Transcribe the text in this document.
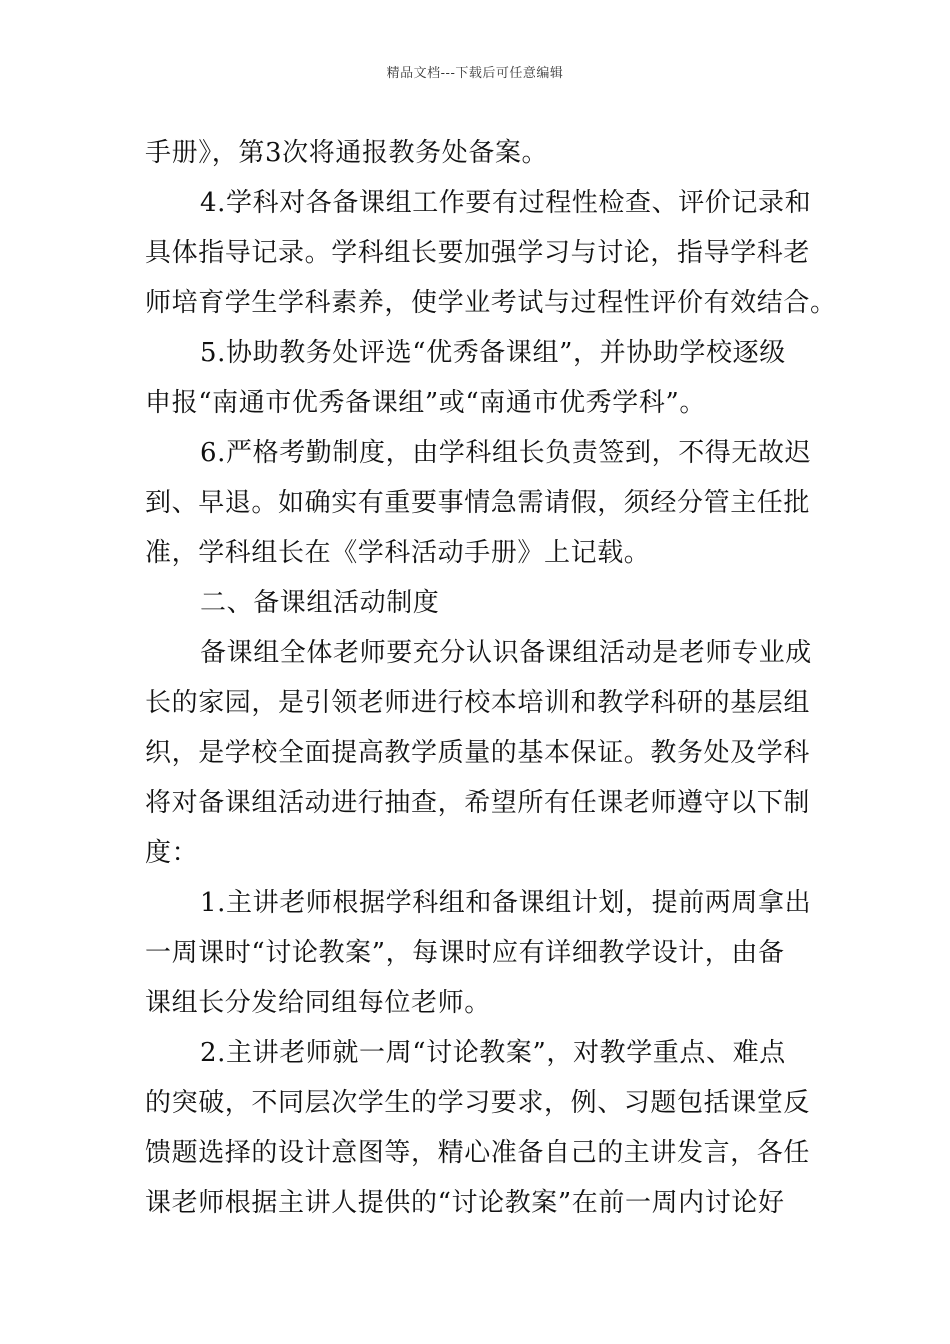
精品文档---下载后可任意编辑
手册》，第3次将通报教务处备案。
4.学科对各备课组工作要有过程性检查、评价记录和
具体指导记录。学科组长要加强学习与讨论，指导学科老
师培育学生学科素养，使学业考试与过程性评价有效结合。
5.协助教务处评选“优秀备课组”，并协助学校逐级
申报“南通市优秀备课组”或“南通市优秀学科”。
6.严格考勤制度，由学科组长负责签到，不得无故迟
到、早退。如确实有重要事情急需请假，须经分管主任批
准，学科组长在《学科活动手册》上记载。
二、备课组活动制度
备课组全体老师要充分认识备课组活动是老师专业成
长的家园，是引领老师进行校本培训和教学科研的基层组
织，是学校全面提高教学质量的基本保证。教务处及学科
将对备课组活动进行抽查，希望所有任课老师遵守以下制
度：
1.主讲老师根据学科组和备课组计划，提前两周拿出
一周课时“讨论教案”，每课时应有详细教学设计，由备
课组长分发给同组每位老师。
2.主讲老师就一周“讨论教案”，对教学重点、难点
的突破，不同层次学生的学习要求，例、习题包括课堂反
馈题选择的设计意图等，精心准备自己的主讲发言，各任
课老师根据主讲人提供的“讨论教案”在前一周内讨论好
